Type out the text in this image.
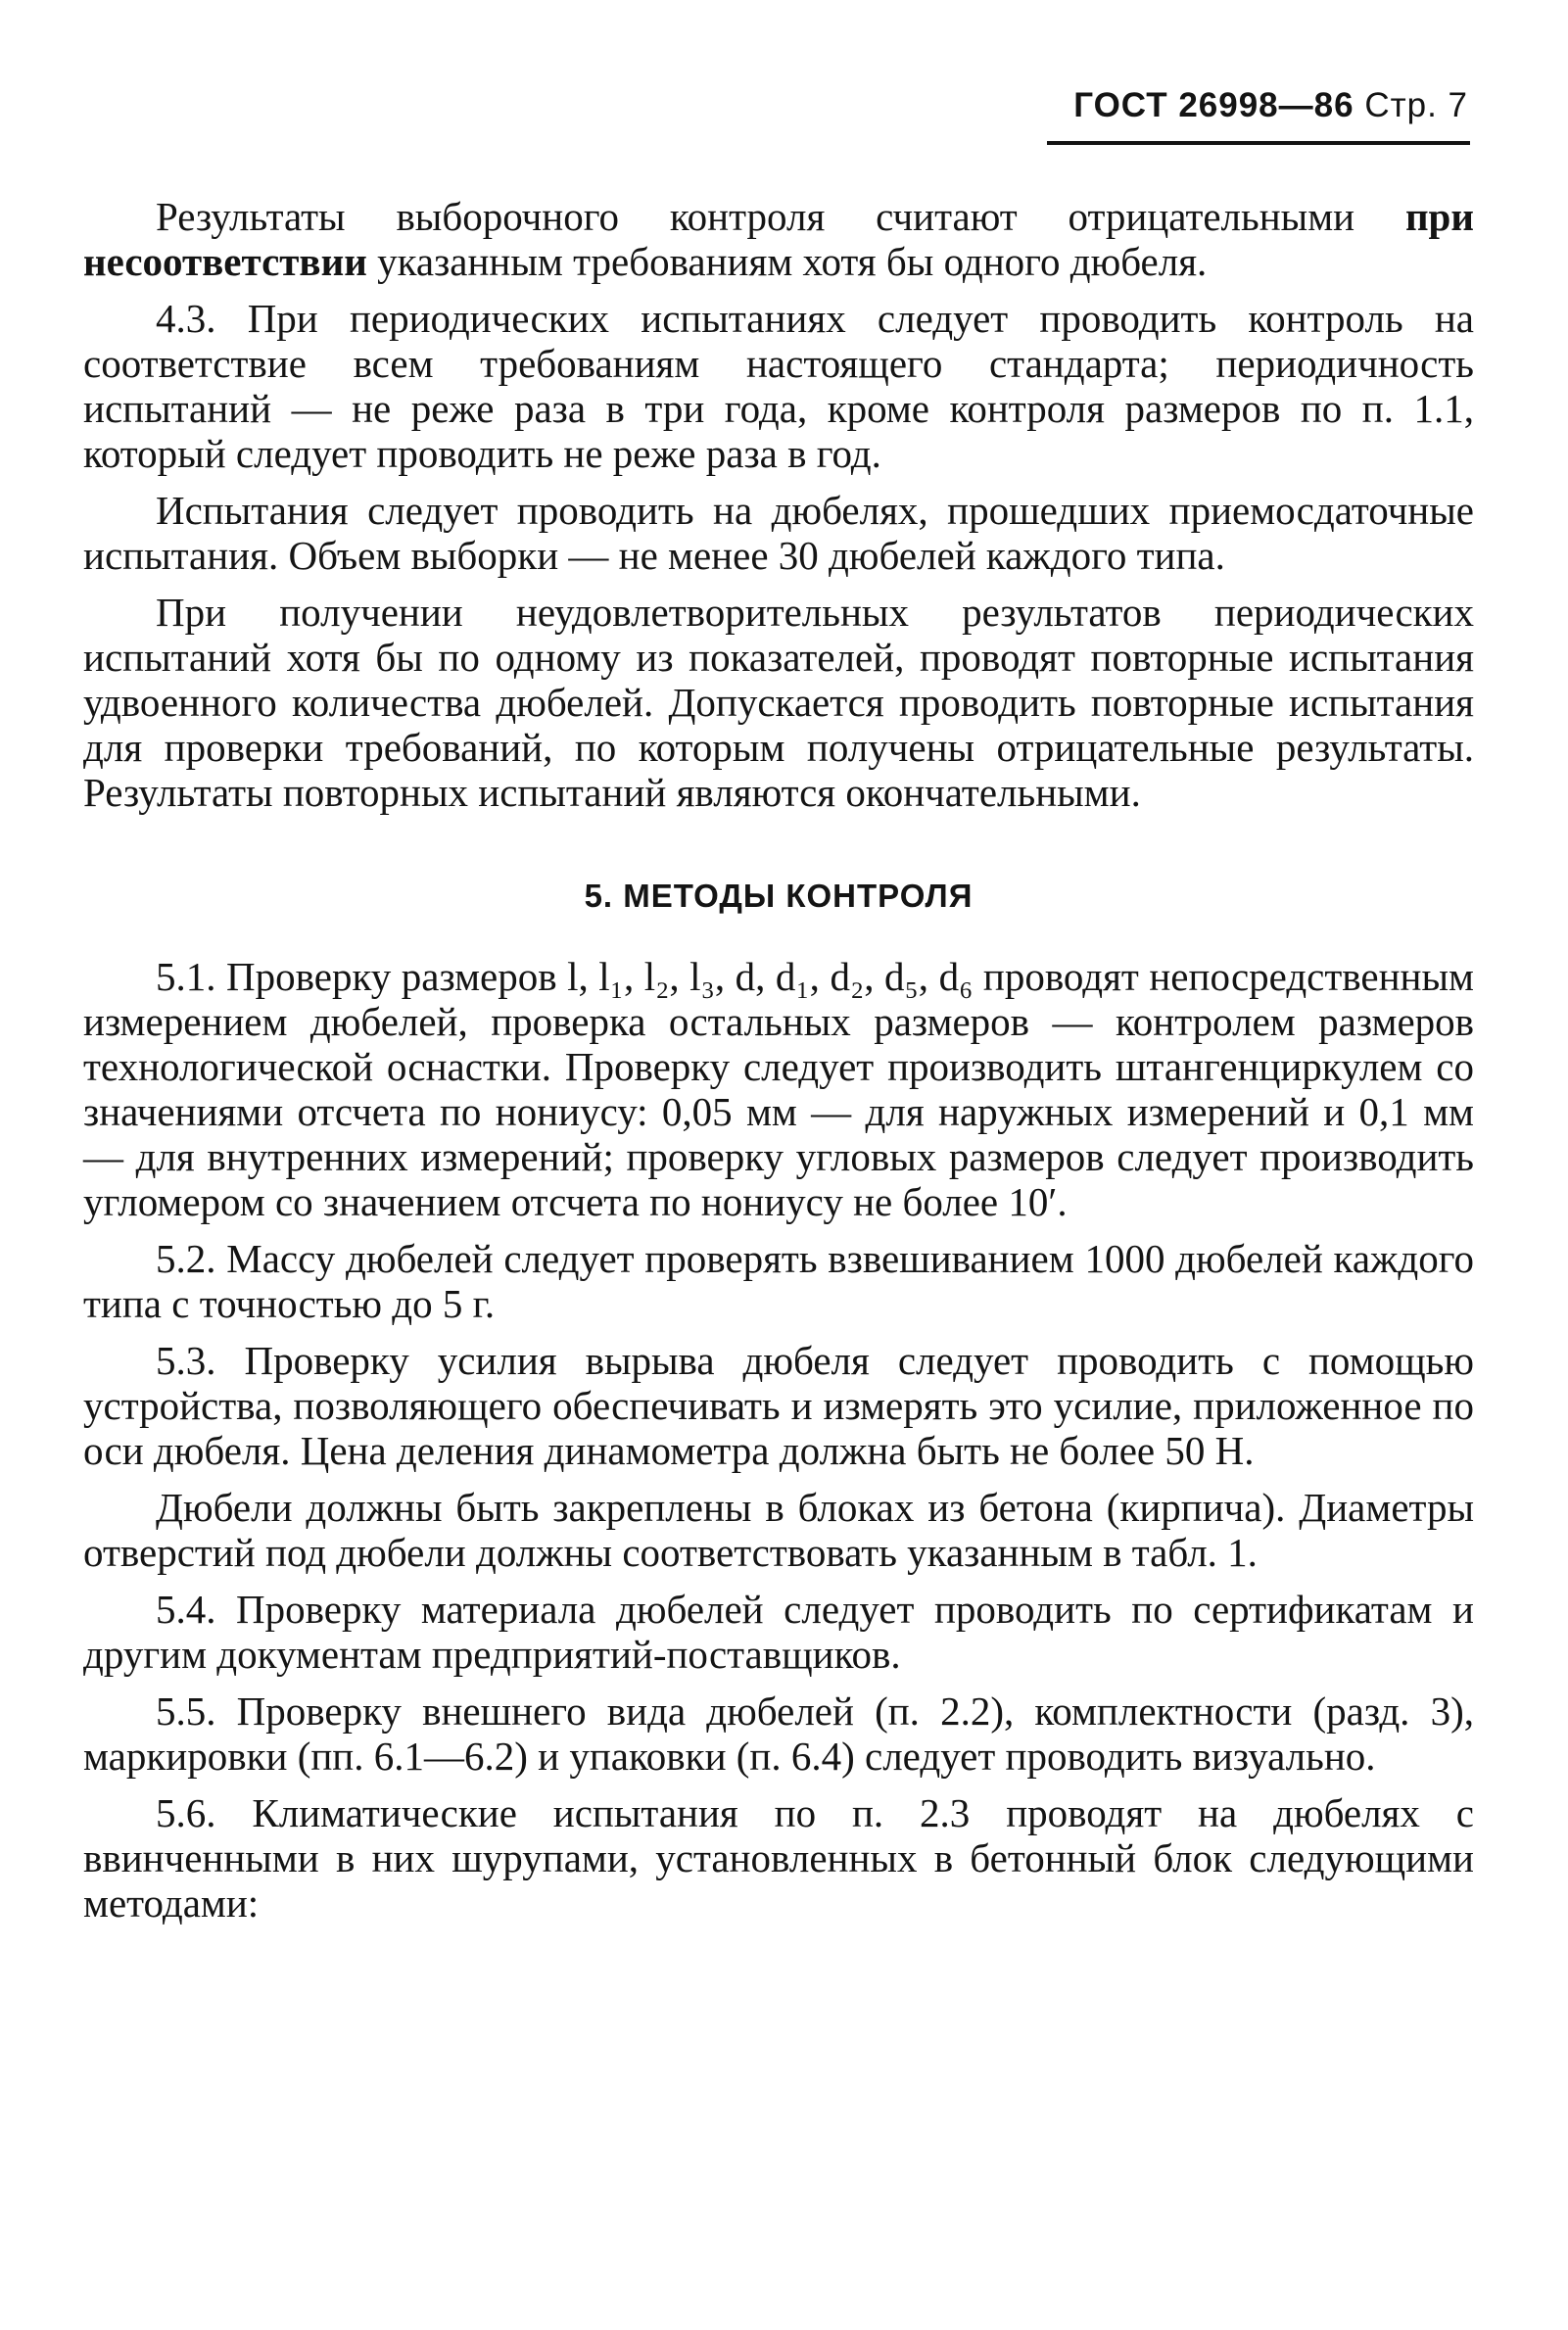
ГОСТ 26998—86 Стр. 7

Результаты выборочного контроля считают отрицательными при несоответствии указанным требованиям хотя бы одного дюбеля.

4.3. При периодических испытаниях следует проводить контроль на соответствие всем требованиям настоящего стандарта; периодичность испытаний — не реже раза в три года, кроме контроля размеров по п. 1.1, который следует проводить не реже раза в год.

Испытания следует проводить на дюбелях, прошедших приемосдаточные испытания. Объем выборки — не менее 30 дюбелей каждого типа.

При получении неудовлетворительных результатов периодических испытаний хотя бы по одному из показателей, проводят повторные испытания удвоенного количества дюбелей. Допускается проводить повторные испытания для проверки требований, по которым получены отрицательные результаты. Результаты повторных испытаний являются окончательными.

5. МЕТОДЫ КОНТРОЛЯ

5.1. Проверку размеров l, l₁, l₂, l₃, d, d₁, d₂, d₅, d₆ проводят непосредственным измерением дюбелей, проверка остальных размеров — контролем размеров технологической оснастки. Проверку следует производить штангенциркулем со значениями отсчета по нониусу: 0,05 мм — для наружных измерений и 0,1 мм — для внутренних измерений; проверку угловых размеров следует производить угломером со значением отсчета по нониусу не более 10′.

5.2. Массу дюбелей следует проверять взвешиванием 1000 дюбелей каждого типа с точностью до 5 г.

5.3. Проверку усилия вырыва дюбеля следует проводить с помощью устройства, позволяющего обеспечивать и измерять это усилие, приложенное по оси дюбеля. Цена деления динамометра должна быть не более 50 Н.

Дюбели должны быть закреплены в блоках из бетона (кирпича). Диаметры отверстий под дюбели должны соответствовать указанным в табл. 1.

5.4. Проверку материала дюбелей следует проводить по сертификатам и другим документам предприятий-поставщиков.

5.5. Проверку внешнего вида дюбелей (п. 2.2), комплектности (разд. 3), маркировки (пп. 6.1—6.2) и упаковки (п. 6.4) следует проводить визуально.

5.6. Климатические испытания по п. 2.3 проводят на дюбелях с ввинченными в них шурупами, установленных в бетонный блок следующими методами:
